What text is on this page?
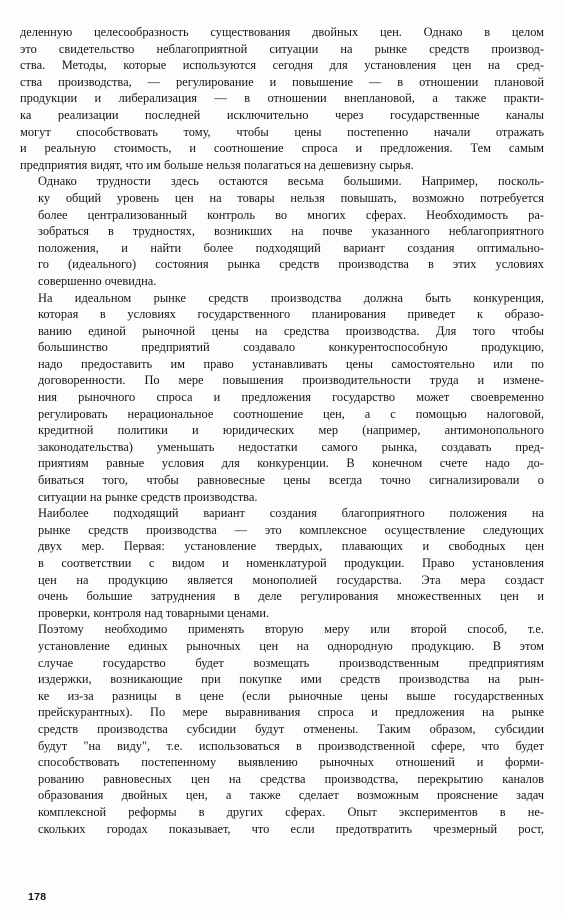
деленную целесообразность существования двойных цен. Однако в целом
это свидетельство неблагоприятной ситуации на рынке средств производ-
ства. Методы, которые используются сегодня для установления цен на сред-
ства производства, — регулирование и повышение — в отношении плановой
продукции и либерализация — в отношении внеплановой, а также практи-
ка реализации последней исключительно через государственные каналы
могут способствовать тому, чтобы цены постепенно начали отражать
и реальную стоимость, и соотношение спроса и предложения. Тем самым
предприятия видят, что им больше нельзя полагаться на дешевизну сырья.

Однако трудности здесь остаются весьма большими. Например, посколь-
ку общий уровень цен на товары нельзя повышать, возможно потребуется
более централизованный контроль во многих сферах. Необходимость ра-
зобраться в трудностях, возникших на почве указанного неблагоприятного
положения, и найти более подходящий вариант создания оптимально-
го (идеального) состояния рынка средств производства в этих условиях
совершенно очевидна.

На идеальном рынке средств производства должна быть конкуренция,
которая в условиях государственного планирования приведет к образо-
ванию единой рыночной цены на средства производства. Для того чтобы
большинство предприятий создавало конкурентоспособную продукцию,
надо предоставить им право устанавливать цены самостоятельно или по
договоренности. По мере повышения производительности труда и измене-
ния рыночного спроса и предложения государство может своевременно
регулировать нерациональное соотношение цен, а с помощью налоговой,
кредитной политики и юридических мер (например, антимонопольного
законодательства) уменьшать недостатки самого рынка, создавать пред-
приятиям равные условия для конкуренции. В конечном счете надо до-
биваться того, чтобы равновесные цены всегда точно сигнализировали о
ситуации на рынке средств производства.

Наиболее подходящий вариант создания благоприятного положения на
рынке средств производства — это комплексное осуществление следующих
двух мер. Первая: установление твердых, плавающих и свободных цен
в соответствии с видом и номенклатурой продукции. Право установления
цен на продукцию является монополией государства. Эта мера создаст
очень большие затруднения в деле регулирования множественных цен и
проверки, контроля над товарными ценами.

Поэтому необходимо применять вторую меру или второй способ, т.е.
установление единых рыночных цен на однородную продукцию. В этом
случае государство будет возмещать производственным предприятиям
издержки, возникающие при покупке ими средств производства на рын-
ке из-за разницы в цене (если рыночные цены выше государственных
прейскурантных). По мере выравнивания спроса и предложения на рынке
средств производства субсидии будут отменены. Таким образом, субсидии
будут "на виду", т.е. использоваться в производственной сфере, что будет
способствовать постепенному выявлению рыночных отношений и форми-
рованию равновесных цен на средства производства, перекрытию каналов
образования двойных цен, а также сделает возможным прояснение задач
комплексной реформы в других сферах. Опыт экспериментов в не-
скольких городах показывает, что если предотвратить чрезмерный рост,

178
